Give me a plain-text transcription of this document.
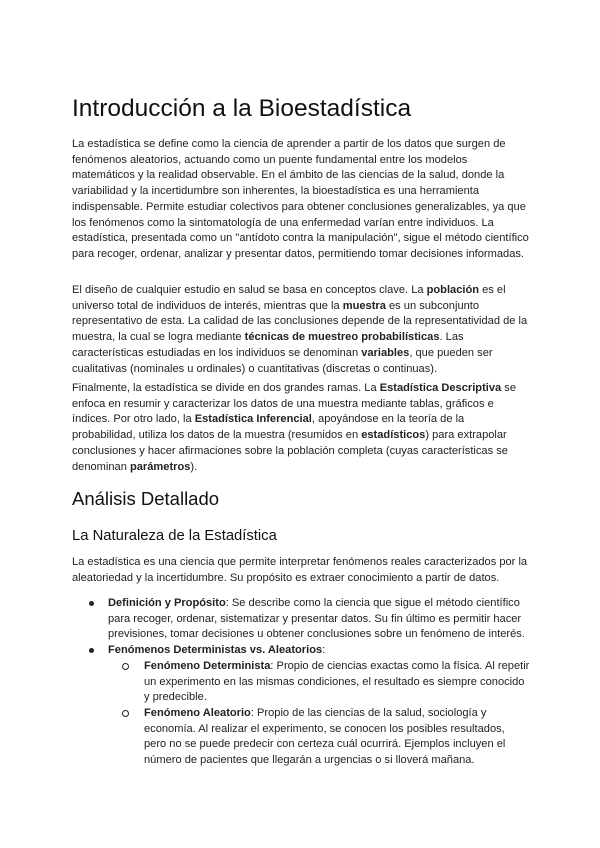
Introducción a la Bioestadística

La estadística se define como la ciencia de aprender a partir de los datos que surgen de fenómenos aleatorios, actuando como un puente fundamental entre los modelos matemáticos y la realidad observable. En el ámbito de las ciencias de la salud, donde la variabilidad y la incertidumbre son inherentes, la bioestadística es una herramienta indispensable. Permite estudiar colectivos para obtener conclusiones generalizables, ya que los fenómenos como la sintomatología de una enfermedad varían entre individuos. La estadística, presentada como un "antídoto contra la manipulación", sigue el método científico para recoger, ordenar, analizar y presentar datos, permitiendo tomar decisiones informadas.

El diseño de cualquier estudio en salud se basa en conceptos clave. La población es el universo total de individuos de interés, mientras que la muestra es un subconjunto representativo de esta. La calidad de las conclusiones depende de la representatividad de la muestra, la cual se logra mediante técnicas de muestreo probabilísticas. Las características estudiadas en los individuos se denominan variables, que pueden ser cualitativas (nominales u ordinales) o cuantitativas (discretas o continuas).

Finalmente, la estadística se divide en dos grandes ramas. La Estadística Descriptiva se enfoca en resumir y caracterizar los datos de una muestra mediante tablas, gráficos e índices. Por otro lado, la Estadística Inferencial, apoyándose en la teoría de la probabilidad, utiliza los datos de la muestra (resumidos en estadísticos) para extrapolar conclusiones y hacer afirmaciones sobre la población completa (cuyas características se denominan parámetros).

Análisis Detallado
La Naturaleza de la Estadística

La estadística es una ciencia que permite interpretar fenómenos reales caracterizados por la aleatoriedad y la incertidumbre. Su propósito es extraer conocimiento a partir de datos.

Definición y Propósito: Se describe como la ciencia que sigue el método científico para recoger, ordenar, sistematizar y presentar datos. Su fin último es permitir hacer previsiones, tomar decisiones u obtener conclusiones sobre un fenómeno de interés.
Fenómenos Deterministas vs. Aleatorios:
Fenómeno Determinista: Propio de ciencias exactas como la física. Al repetir un experimento en las mismas condiciones, el resultado es siempre conocido y predecible.
Fenómeno Aleatorio: Propio de las ciencias de la salud, sociología y economía. Al realizar el experimento, se conocen los posibles resultados, pero no se puede predecir con certeza cuál ocurrirá. Ejemplos incluyen el número de pacientes que llegarán a urgencias o si lloverá mañana.
